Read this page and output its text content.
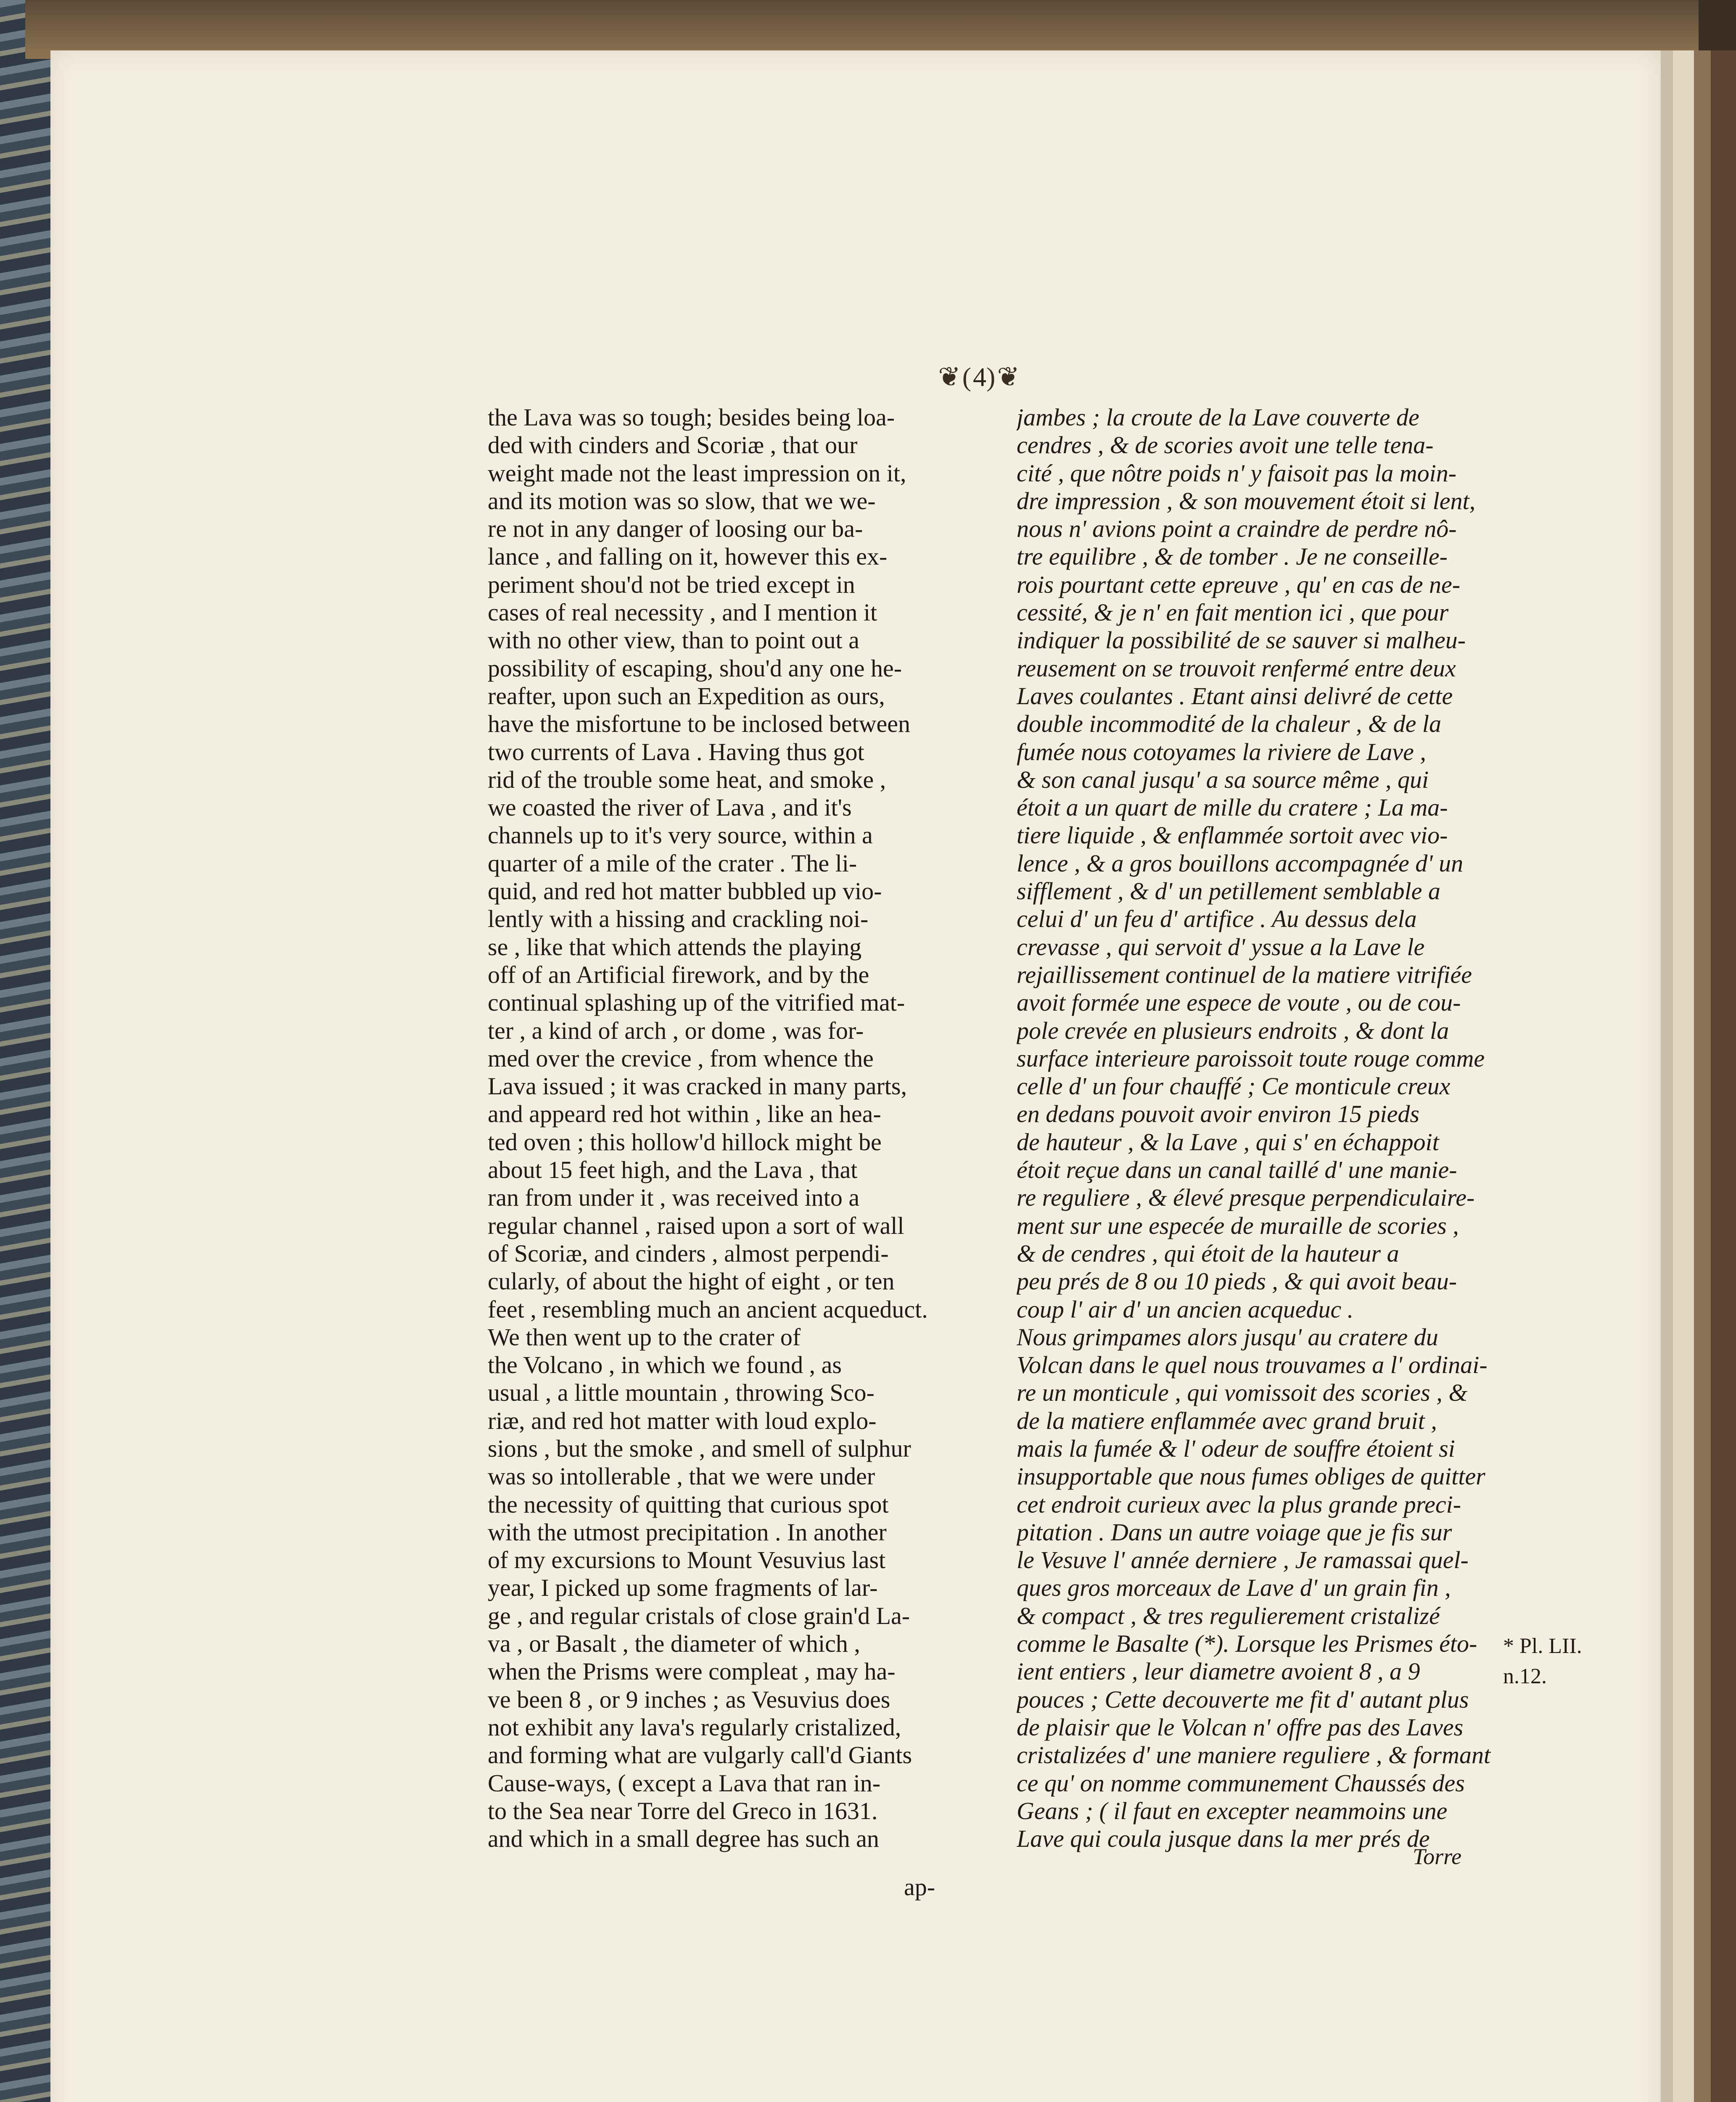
❦(4)❦
the Lava was so tough; besides being loa-
ded with cinders and Scoriæ , that our
weight made not the least impression on it,
and its motion was so slow, that we we-
re not in any danger of loosing our ba-
lance , and falling on it, however this ex-
periment shou'd not be tried except in
cases of real necessity , and I mention it
with no other view, than to point out a
possibility of escaping, shou'd any one he-
reafter, upon such an Expedition as ours,
have the misfortune to be inclosed between
two currents of Lava . Having thus got
rid of the trouble some heat, and smoke ,
we coasted the river of Lava , and it's
channels up to it's very source, within a
quarter of a mile of the crater . The li-
quid, and red hot matter bubbled up vio-
lently with a hissing and crackling noi-
se , like that which attends the playing
off of an Artificial firework, and by the
continual splashing up of the vitrified mat-
ter , a kind of arch , or dome , was for-
med over the crevice , from whence the
Lava issued ; it was cracked in many parts,
and appeard red hot within , like an hea-
ted oven ; this hollow'd hillock might be
about 15 feet high, and the Lava , that
ran from under it , was received into a
regular channel , raised upon a sort of wall
of Scoriæ, and cinders , almost perpendi-
cularly, of about the hight of eight , or ten
feet , resembling much an ancient acqueduct.
We then went up to the crater of
the Volcano , in which we found , as
usual , a little mountain , throwing Sco-
riæ, and red hot matter with loud explo-
sions , but the smoke , and smell of sulphur
was so intollerable , that we were under
the necessity of quitting that curious spot
with the utmost precipitation . In another
of my excursions to Mount Vesuvius last
year, I picked up some fragments of lar-
ge , and regular cristals of close grain'd La-
va , or Basalt , the diameter of which ,
when the Prisms were compleat , may ha-
ve been 8 , or 9 inches ; as Vesuvius does
not exhibit any lava's regularly cristalized,
and forming what are vulgarly call'd Giants
Cause-ways, ( except a Lava that ran in-
to the Sea near Torre del Greco in 1631.
and which in a small degree has such an
ap-
jambes ; la croute de la Lave couverte de
cendres , & de scories avoit une telle tena-
cité , que nôtre poids n' y faisoit pas la moin-
dre impression , & son mouvement étoit si lent,
nous n' avions point a craindre de perdre nô-
tre equilibre , & de tomber . Je ne conseille-
rois pourtant cette epreuve , qu' en cas de ne-
cessité, & je n' en fait mention ici , que pour
indiquer la possibilité de se sauver si malheu-
reusement on se trouvoit renfermé entre deux
Laves coulantes . Etant ainsi delivré de cette
double incommodité de la chaleur , & de la
fumée nous cotoyames la riviere de Lave ,
& son canal jusqu' a sa source même , qui
étoit a un quart de mille du cratere ; La ma-
tiere liquide , & enflammée sortoit avec vio-
lence , & a gros bouillons accompagnée d' un
sifflement , & d' un petillement semblable a
celui d' un feu d' artifice . Au dessus dela
crevasse , qui servoit d' yssue a la Lave le
rejaillissement continuel de la matiere vitrifiée
avoit formée une espece de voute , ou de cou-
pole crevée en plusieurs endroits , & dont la
surface interieure paroissoit toute rouge comme
celle d' un four chauffé ; Ce monticule creux
en dedans pouvoit avoir environ 15 pieds
de hauteur , & la Lave , qui s' en échappoit
étoit reçue dans un canal taillé d' une manie-
re reguliere , & élevé presque perpendiculaire-
ment sur une especée de muraille de scories ,
& de cendres , qui étoit de la hauteur a
peu prés de 8 ou 10 pieds , & qui avoit beau-
coup l' air d' un ancien acqueduc .
Nous grimpames alors jusqu' au cratere du
Volcan dans le quel nous trouvames a l' ordinai-
re un monticule , qui vomissoit des scories , &
de la matiere enflammée avec grand bruit ,
mais la fumée & l' odeur de souffre étoient si
insupportable que nous fumes obliges de quitter
cet endroit curieux avec la plus grande preci-
pitation . Dans un autre voiage que je fis sur
le Vesuve l' année derniere , Je ramassai quel-
ques gros morceaux de Lave d' un grain fin ,
& compact , & tres regulierement cristalizé
comme le Basalte (*). Lorsque les Prismes éto-
ient entiers , leur diametre avoient 8 , a 9
pouces ; Cette decouverte me fit d' autant plus
de plaisir que le Volcan n' offre pas des Laves
cristalizées d' une maniere reguliere , & formant
ce qu' on nomme communement Chaussés des
Geans ; ( il faut en excepter neammoins une
Lave qui coula jusque dans la mer prés de
Torre
* Pl. LII.
n.12.
